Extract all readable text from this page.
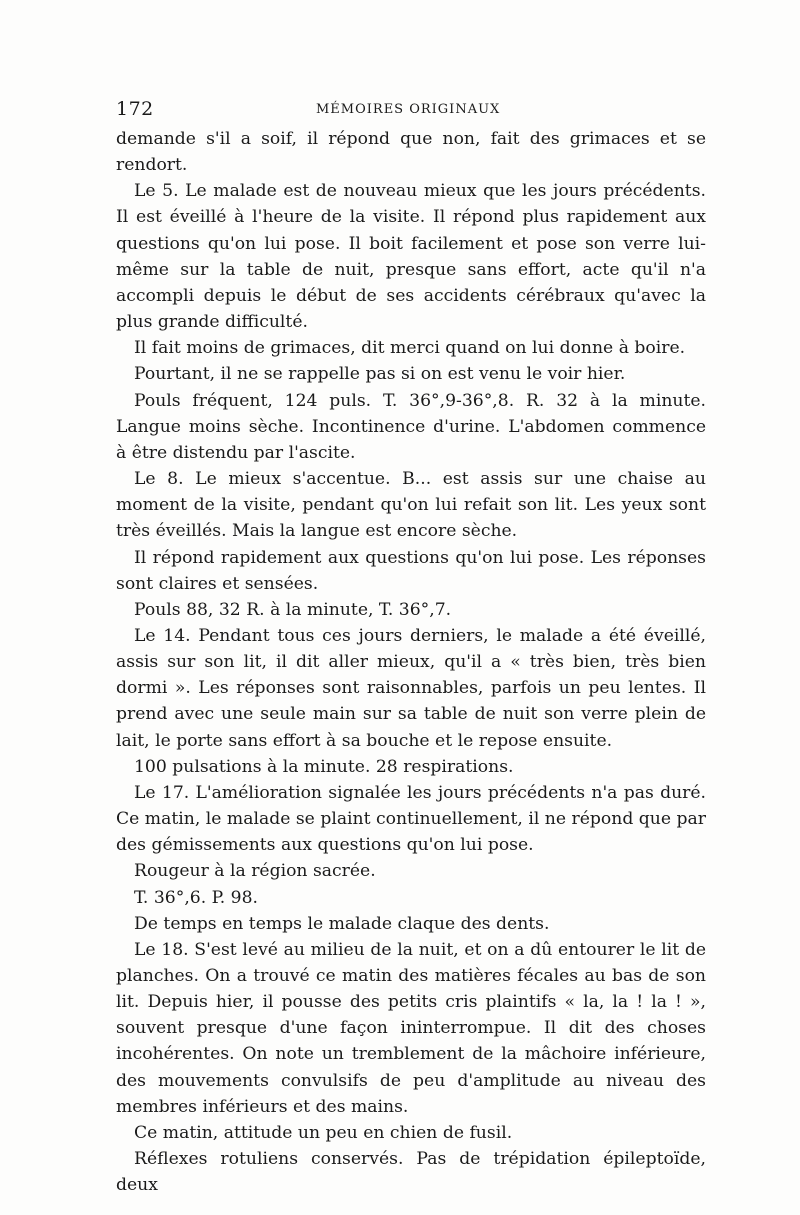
172	MÉMOIRES ORIGINAUX

demande s'il a soif, il répond que non, fait des grimaces et se rendort.

Le 5. Le malade est de nouveau mieux que les jours précédents. Il est éveillé à l'heure de la visite. Il répond plus rapidement aux questions qu'on lui pose. Il boit facilement et pose son verre lui-même sur la table de nuit, presque sans effort, acte qu'il n'a accompli depuis le début de ses accidents cérébraux qu'avec la plus grande difficulté.

Il fait moins de grimaces, dit merci quand on lui donne à boire.

Pourtant, il ne se rappelle pas si on est venu le voir hier.

Pouls fréquent, 124 puls. T. 36°,9-36°,8. R. 32 à la minute. Langue moins sèche. Incontinence d'urine. L'abdomen commence à être distendu par l'ascite.

Le 8. Le mieux s'accentue. B... est assis sur une chaise au moment de la visite, pendant qu'on lui refait son lit. Les yeux sont très éveillés. Mais la langue est encore sèche.

Il répond rapidement aux questions qu'on lui pose. Les réponses sont claires et sensées.

Pouls 88, 32 R. à la minute, T. 36°,7.

Le 14. Pendant tous ces jours derniers, le malade a été éveillé, assis sur son lit, il dit aller mieux, qu'il a « très bien, très bien dormi ». Les réponses sont raisonnables, parfois un peu lentes. Il prend avec une seule main sur sa table de nuit son verre plein de lait, le porte sans effort à sa bouche et le repose ensuite.

100 pulsations à la minute. 28 respirations.

Le 17. L'amélioration signalée les jours précédents n'a pas duré. Ce matin, le malade se plaint continuellement, il ne répond que par des gémissements aux questions qu'on lui pose.

Rougeur à la région sacrée.

T. 36°,6. P. 98.

De temps en temps le malade claque des dents.

Le 18. S'est levé au milieu de la nuit, et on a dû entourer le lit de planches. On a trouvé ce matin des matières fécales au bas de son lit. Depuis hier, il pousse des petits cris plaintifs « la, la ! la ! », souvent presque d'une façon ininterrompue. Il dit des choses incohérentes. On note un tremblement de la mâchoire inférieure, des mouvements convulsifs de peu d'amplitude au niveau des membres inférieurs et des mains.

Ce matin, attitude un peu en chien de fusil.

Réflexes rotuliens conservés. Pas de trépidation épileptoïde, deux
